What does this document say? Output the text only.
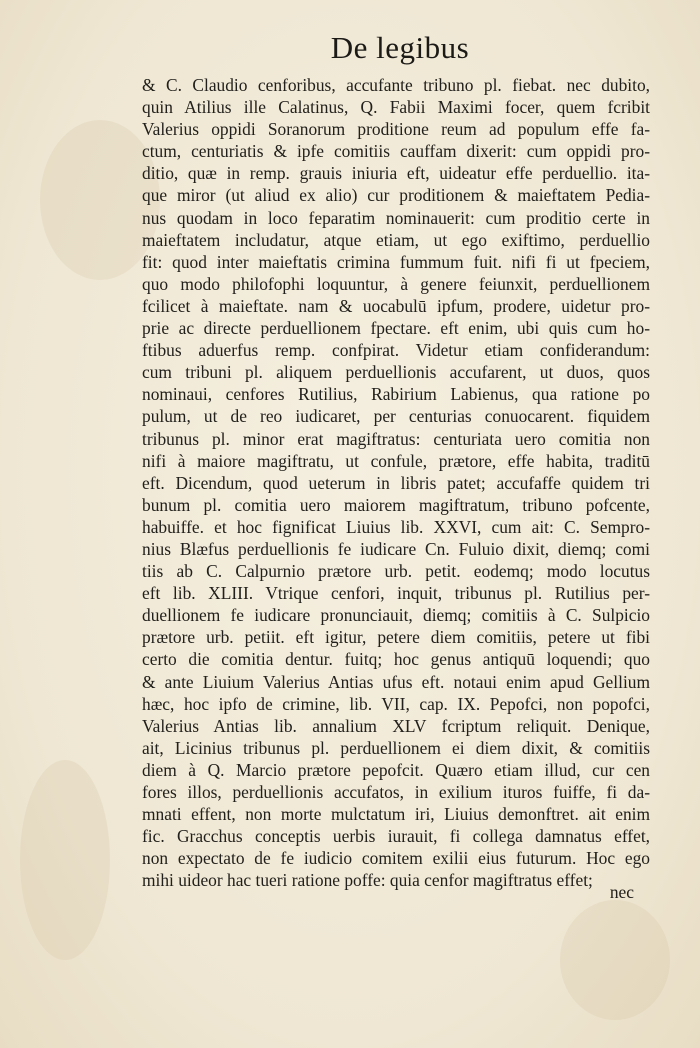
De legibus
& C. Claudio cenforibus, accufante tribuno pl. fiebat. nec dubito,
quin Atilius ille Calatinus, Q. Fabii Maximi focer, quem fcribit
Valerius oppidi Soranorum proditione reum ad populum effe fa-
ctum, centuriatis & ipfe comitiis cauffam dixerit: cum oppidi pro-
ditio, quæ in remp. grauis iniuria eft, uideatur effe perduellio. ita-
que miror (ut aliud ex alio) cur proditionem & maieftatem Pedia-
nus quodam in loco feparatim nominauerit: cum proditio certe in
maieftatem includatur, atque etiam, ut ego exiftimo, perduellio
fit: quod inter maieftatis crimina fummum fuit. nifi fi ut fpeciem,
quo modo philofophi loquuntur, à genere feiunxit, perduellionem
fcilicet à maieftate. nam & uocabulū ipfum, prodere, uidetur pro-
prie ac directe perduellionem fpectare. eft enim, ubi quis cum ho-
ftibus aduerfus remp. confpirat. Videtur etiam confiderandum:
cum tribuni pl. aliquem perduellionis accufarent, ut duos, quos
nominaui, cenfores Rutilius, Rabirium Labienus, qua ratione po
pulum, ut de reo iudicaret, per centurias conuocarent. fiquidem
tribunus pl. minor erat magiftratus: centuriata uero comitia non
nifi à maiore magiftratu, ut confule, prætore, effe habita, traditū
eft. Dicendum, quod ueterum in libris patet; accufaffe quidem tri
bunum pl. comitia uero maiorem magiftratum, tribuno pofcente,
habuiffe. et hoc fignificat Liuius lib. XXVI, cum ait: C. Sempro-
nius Blæfus perduellionis fe iudicare Cn. Fuluio dixit, diemq; comi
tiis ab C. Calpurnio prætore urb. petit. eodemq; modo locutus
eft lib. XLIII. Vtrique cenfori, inquit, tribunus pl. Rutilius per-
duellionem fe iudicare pronunciauit, diemq; comitiis à C. Sulpicio
prætore urb. petiit. eft igitur, petere diem comitiis, petere ut fibi
certo die comitia dentur. fuitq; hoc genus antiquū loquendi; quo
& ante Liuium Valerius Antias ufus eft. notaui enim apud Gellium
hæc, hoc ipfo de crimine, lib. VII, cap. IX. Pepofci, non popofci,
Valerius Antias lib. annalium XLV fcriptum reliquit. Denique,
ait, Licinius tribunus pl. perduellionem ei diem dixit, & comitiis
diem à Q. Marcio prætore pepofcit. Quæro etiam illud, cur cen
fores illos, perduellionis accufatos, in exilium ituros fuiffe, fi da-
mnati effent, non morte mulctatum iri, Liuius demonftret. ait enim
fic. Gracchus conceptis uerbis iurauit, fi collega damnatus effet,
non expectato de fe iudicio comitem exilii eius futurum. Hoc ego
mihi uideor hac tueri ratione poffe: quia cenfor magiftratus effet;
nec
